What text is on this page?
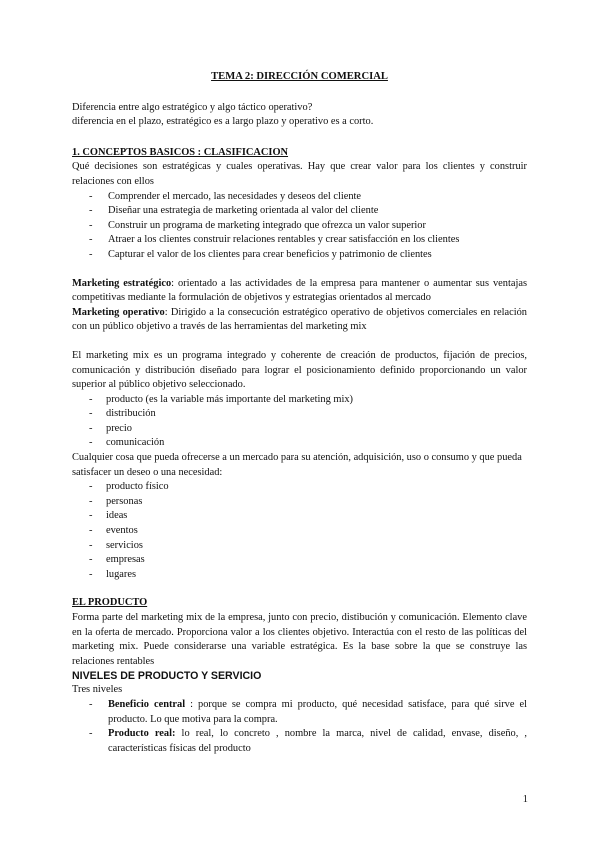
TEMA 2: DIRECCIÓN COMERCIAL

Diferencia entre algo estratégico y algo táctico operativo?

diferencia en el plazo, estratégico es a largo plazo y operativo es a corto.

1. CONCEPTOS BASICOS : CLASIFICACION

Qué decisiones son estratégicas y cuales operativas. Hay que crear valor para los clientes y construir relaciones con ellos

- Comprender el mercado, las necesidades y deseos del cliente
- Diseñar una estrategia de marketing orientada al valor del cliente
- Construir un programa de marketing integrado que ofrezca un valor superior
- Atraer a los clientes construir relaciones rentables y crear satisfacción en los clientes
- Capturar el valor de los clientes para crear beneficios y patrimonio de clientes

Marketing estratégico: orientado a las actividades de la empresa para mantener o aumentar sus ventajas competitivas mediante la formulación de objetivos y estrategias orientados al mercado

Marketing operativo: Dirigido a la consecución estratégico operativo de objetivos comerciales en relación con un público objetivo a través de las herramientas del marketing mix

El marketing mix es un programa integrado y coherente de creación de productos, fijación de precios, comunicación y distribución diseñado para lograr el posicionamiento definido proporcionando un valor superior al público objetivo seleccionado.

- producto (es la variable más importante del marketing mix)
- distribución
- precio
- comunicación

Cualquier cosa que pueda ofrecerse a un mercado para su atención, adquisición, uso o consumo y que pueda satisfacer un deseo o una necesidad:

- producto físico
- personas
- ideas
- eventos
- servicios
- empresas
- lugares

EL PRODUCTO

Forma parte del marketing mix de la empresa, junto con precio, distibución y comunicación. Elemento clave en la oferta de mercado. Proporciona valor a los clientes objetivo. Interactúa con el resto de las políticas del marketing mix. Puede considerarse una variable estratégica. Es la base sobre la que se construye las relaciones rentables

NIVELES DE PRODUCTO Y SERVICIO

Tres niveles

- Beneficio central : porque se compra mi producto, qué necesidad satisface, para qué sirve el producto. Lo que motiva para la compra.
- Producto real: lo real, lo concreto , nombre la marca, nivel de calidad, envase, diseño, , características físicas del producto
1
